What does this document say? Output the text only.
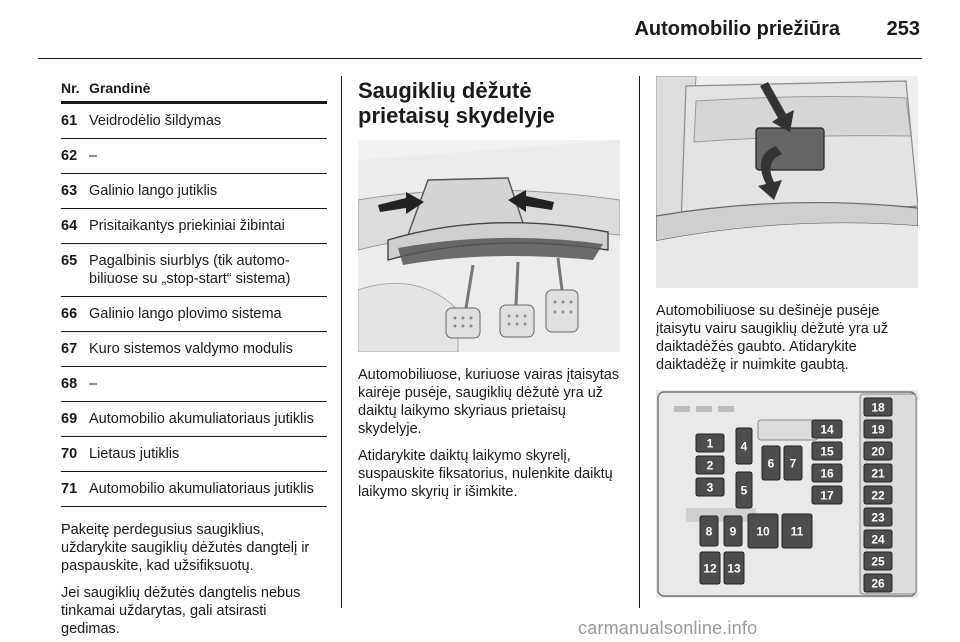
Automobilio priežiūra 253
Nr. Grandinė
61 Veidrodėlio šildymas
62 –
63 Galinio lango jutiklis
64 Prisitaikantys priekiniai žibintai
65 Pagalbinis siurblys (tik automo-biliuose su „stop-start“ sistema)
66 Galinio lango plovimo sistema
67 Kuro sistemos valdymo modulis
68 –
69 Automobilio akumuliatoriaus jutiklis
70 Lietaus jutiklis
71 Automobilio akumuliatoriaus jutiklis

Pakeitę perdegusius saugiklius, uždarykite saugiklių dėžutės dangtelį ir paspauskite, kad užsifiksuotų.

Jei saugiklių dėžutės dangtelis nebus tinkamai uždarytas, gali atsirasti gedimas.

Saugiklių dėžutė prietaisų skydelyje

Automobiliuose, kuriuose vairas įtaisytas kairėje pusėje, saugiklių dėžutė yra už daiktų laikymo skyriaus prietaisų skydelyje.

Atidarykite daiktų laikymo skyrelį, suspauskite fiksatorius, nulenkite daiktų laikymo skyrių ir išimkite.

Automobiliuose su dešinėje pusėje įtaisytu vairu saugiklių dėžutė yra už daiktadėžės gaubto. Atidarykite daiktadėžę ir nuimkite gaubtą.

1
2
3
4
5
6 7
14
15
16
17
18
19
20
21
22
23
24
25
26
8 9 10 11
12 13
carmanualsonline.info
